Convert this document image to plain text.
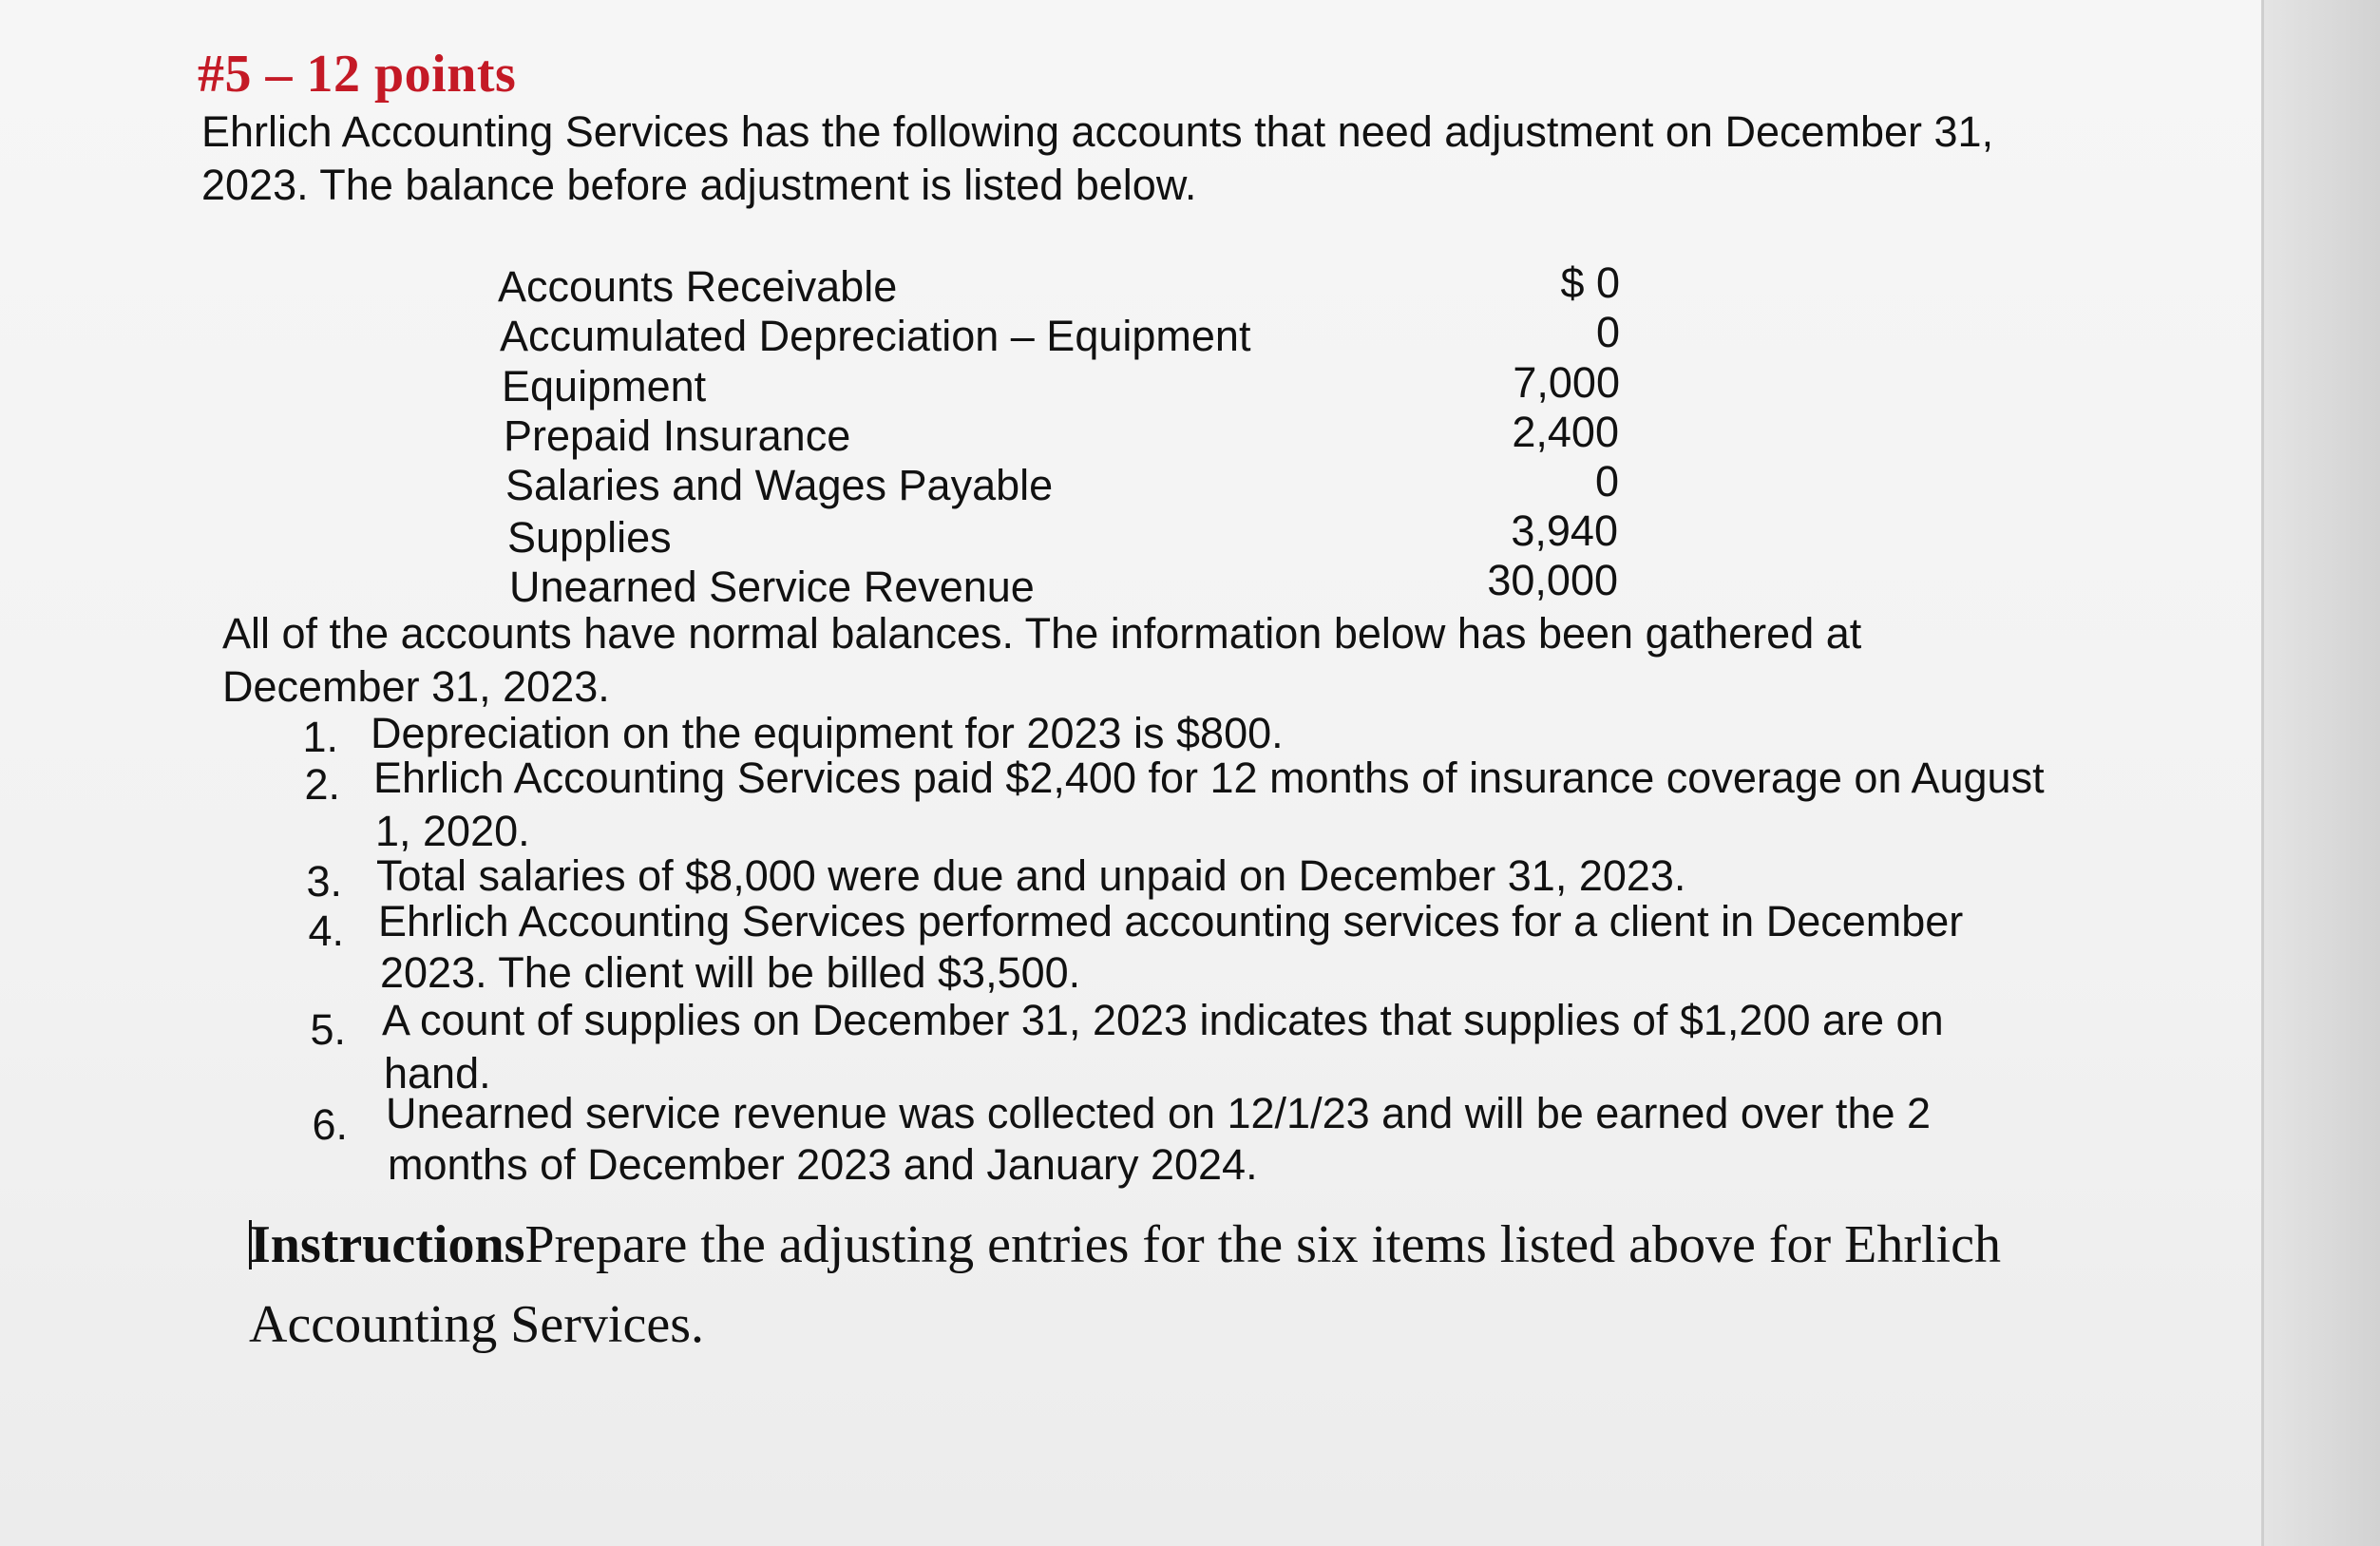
#5 – 12 points
Ehrlich Accounting Services has the following accounts that need adjustment on December 31,
2023. The balance before adjustment is listed below.
Accounts Receivable	$ 0
Accumulated Depreciation – Equipment	0
Equipment	7,000
Prepaid Insurance	2,400
Salaries and Wages Payable	0
Supplies	3,940
Unearned Service Revenue	30,000
All of the accounts have normal balances. The information below has been gathered at
December 31, 2023.
1. Depreciation on the equipment for 2023 is $800.
2. Ehrlich Accounting Services paid $2,400 for 12 months of insurance coverage on August
1, 2020.
3. Total salaries of $8,000 were due and unpaid on December 31, 2023.
4. Ehrlich Accounting Services performed accounting services for a client in December
2023. The client will be billed $3,500.
5. A count of supplies on December 31, 2023 indicates that supplies of $1,200 are on
hand.
6. Unearned service revenue was collected on 12/1/23 and will be earned over the 2
months of December 2023 and January 2024.
InstructionsPrepare the adjusting entries for the six items listed above for Ehrlich
Accounting Services.
